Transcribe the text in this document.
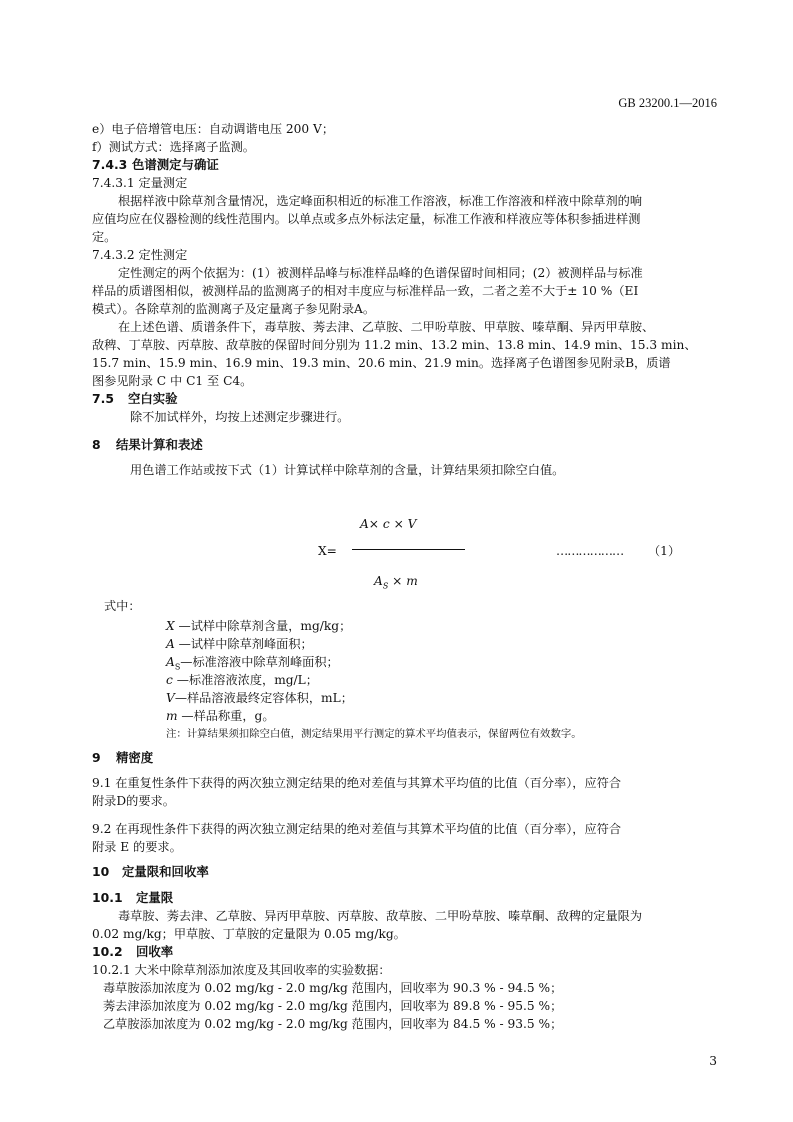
GB 23200.1—2016
e）电子倍增管电压：自动调谐电压 200 V；
f）测试方式：选择离子监测。
7.4.3 色谱测定与确证
7.4.3.1 定量测定
根据样液中除草剂含量情况，选定峰面积相近的标准工作溶液，标准工作溶液和样液中除草剂的响
应值均应在仪器检测的线性范围内。以单点或多点外标法定量，标准工作液和样液应等体积参插进样测
定。
7.4.3.2 定性测定
定性测定的两个依据为：(1）被测样品峰与标准样品峰的色谱保留时间相同；(2）被测样品与标准
样品的质谱图相似，被测样品的监测离子的相对丰度应与标准样品一致，二者之差不大于± 10 %（EI
模式）。各除草剂的监测离子及定量离子参见附录A。
在上述色谱、质谱条件下，毒草胺、莠去津、乙草胺、二甲吩草胺、甲草胺、嗪草酮、异丙甲草胺、
敌稗、丁草胺、丙草胺、敌草胺的保留时间分别为 11.2 min、13.2 min、13.8 min、14.9 min、15.3 min、
15.7 min、15.9 min、16.9 min、19.3 min、20.6 min、21.9 min。选择离子色谱图参见附录B，质谱
图参见附录 C 中 C1 至 C4。
7.5 空白实验
除不加试样外，均按上述测定步骤进行。
8 结果计算和表述
用色谱工作站或按下式（1）计算试样中除草剂的含量，计算结果须扣除空白值。
X=
A× c × V
$A_S \times m$
……………… （1）
式中：
X —试样中除草剂含量，mg/kg；
A —试样中除草剂峰面积；
$A_S—$标准溶液中除草剂峰面积；
c —标准溶液浓度，mg/L；
V—样品溶液最终定容体积，mL；
m —样品称重，g。
注：计算结果须扣除空白值，测定结果用平行测定的算术平均值表示，保留两位有效数字。
9 精密度
9.1 在重复性条件下获得的两次独立测定结果的绝对差值与其算术平均值的比值（百分率），应符合
附录D的要求。
9.2 在再现性条件下获得的两次独立测定结果的绝对差值与其算术平均值的比值（百分率），应符合
附录 E 的要求。
10 定量限和回收率
10.1 定量限
毒草胺、莠去津、乙草胺、异丙甲草胺、丙草胺、敌草胺、二甲吩草胺、嗪草酮、敌稗的定量限为
0.02 mg/kg；甲草胺、丁草胺的定量限为 0.05 mg/kg。
10.2 回收率
10.2.1 大米中除草剂添加浓度及其回收率的实验数据：
毒草胺添加浓度为 0.02 mg/kg - 2.0 mg/kg 范围内，回收率为 90.3 % - 94.5 %；
莠去津添加浓度为 0.02 mg/kg - 2.0 mg/kg 范围内，回收率为 89.8 % - 95.5 %；
乙草胺添加浓度为 0.02 mg/kg - 2.0 mg/kg 范围内，回收率为 84.5 % - 93.5 %；
3
